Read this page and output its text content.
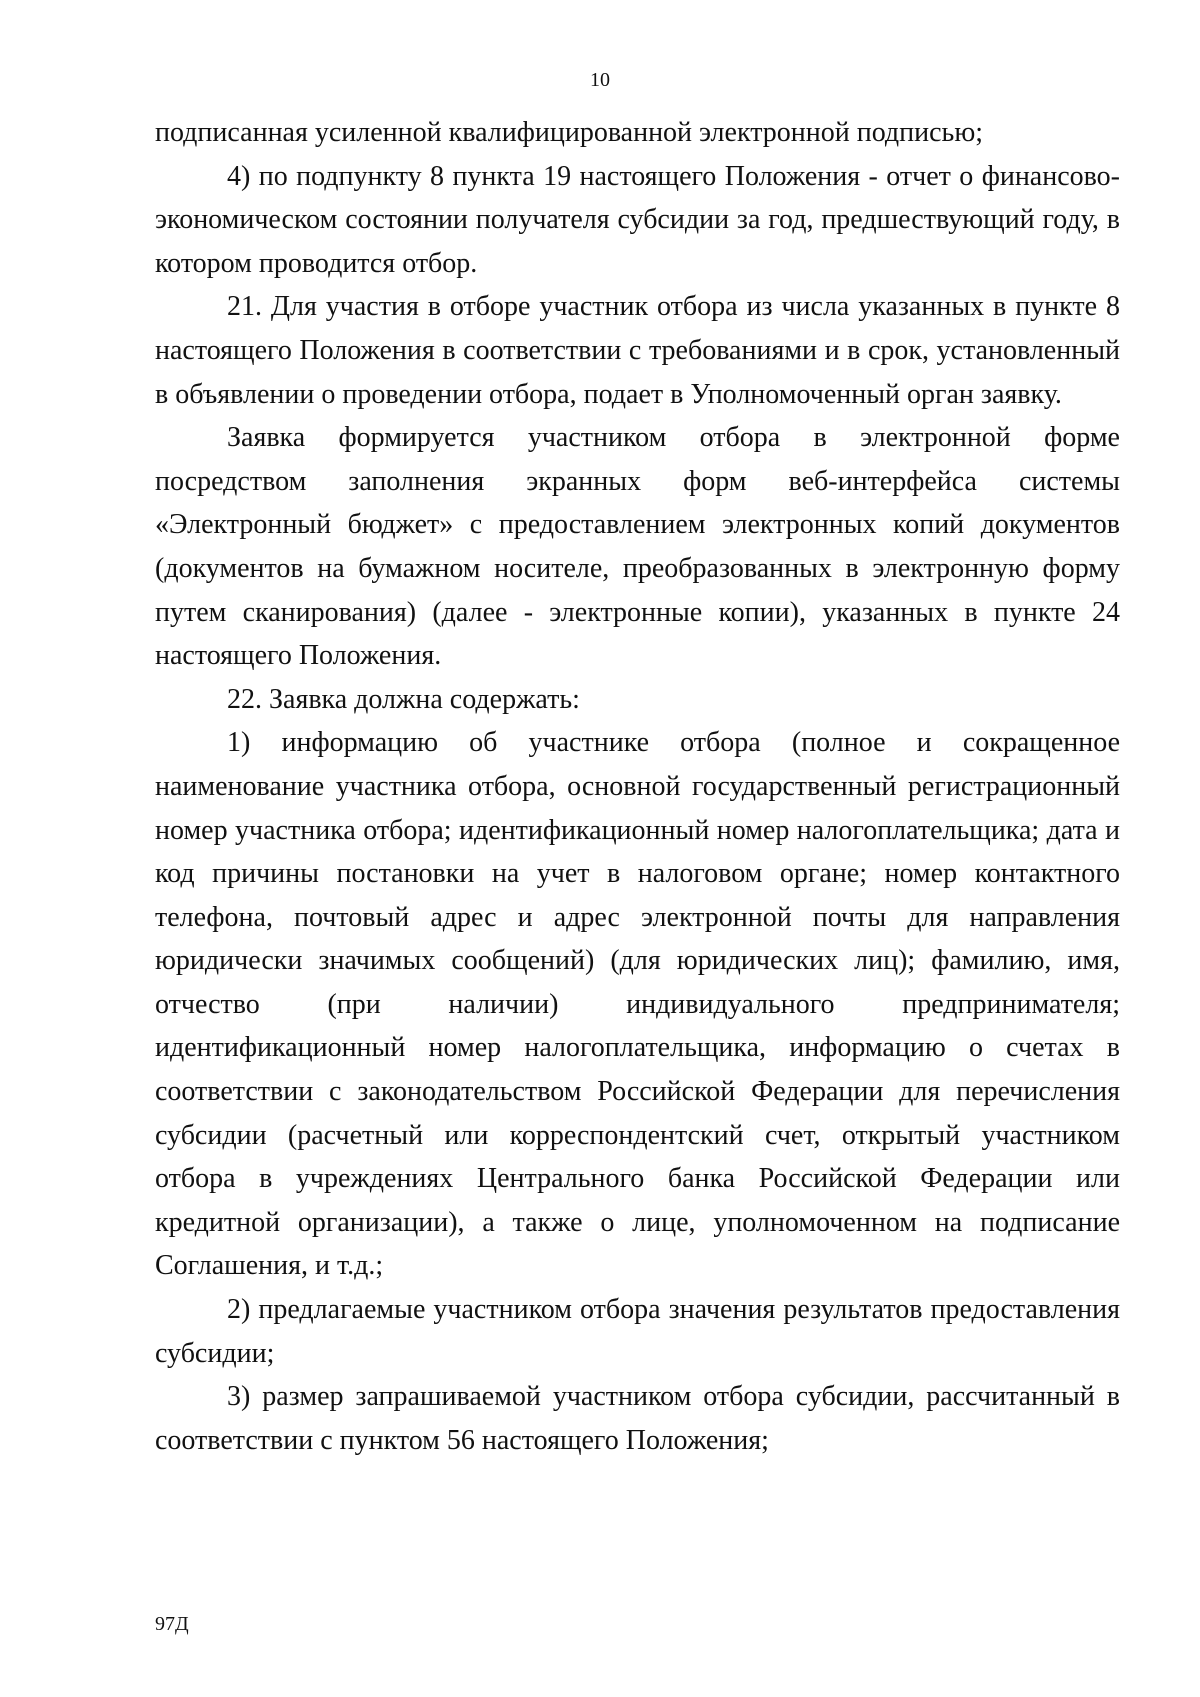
10

подписанная усиленной квалифицированной электронной подписью;

4) по подпункту 8 пункта 19 настоящего Положения - отчет о финансово-экономическом состоянии получателя субсидии за год, предшествующий году, в котором проводится отбор.

21. Для участия в отборе участник отбора из числа указанных в пункте 8 настоящего Положения в соответствии с требованиями и в срок, установленный в объявлении о проведении отбора, подает в Уполномоченный орган заявку.

Заявка формируется участником отбора в электронной форме посредством заполнения экранных форм веб-интерфейса системы «Электронный бюджет» с предоставлением электронных копий документов (документов на бумажном носителе, преобразованных в электронную форму путем сканирования) (далее - электронные копии), указанных в пункте 24 настоящего Положения.

22. Заявка должна содержать:

1) информацию об участнике отбора (полное и сокращенное наименование участника отбора, основной государственный регистрационный номер участника отбора; идентификационный номер налогоплательщика; дата и код причины постановки на учет в налоговом органе; номер контактного телефона, почтовый адрес и адрес электронной почты для направления юридически значимых сообщений) (для юридических лиц); фамилию, имя, отчество (при наличии) индивидуального предпринимателя; идентификационный номер налогоплательщика, информацию о счетах в соответствии с законодательством Российской Федерации для перечисления субсидии (расчетный или корреспондентский счет, открытый участником отбора в учреждениях Центрального банка Российской Федерации или кредитной организации), а также о лице, уполномоченном на подписание Соглашения, и т.д.;

2) предлагаемые участником отбора значения результатов предоставления субсидии;

3) размер запрашиваемой участником отбора субсидии, рассчитанный в соответствии с пунктом 56 настоящего Положения;

97Д
